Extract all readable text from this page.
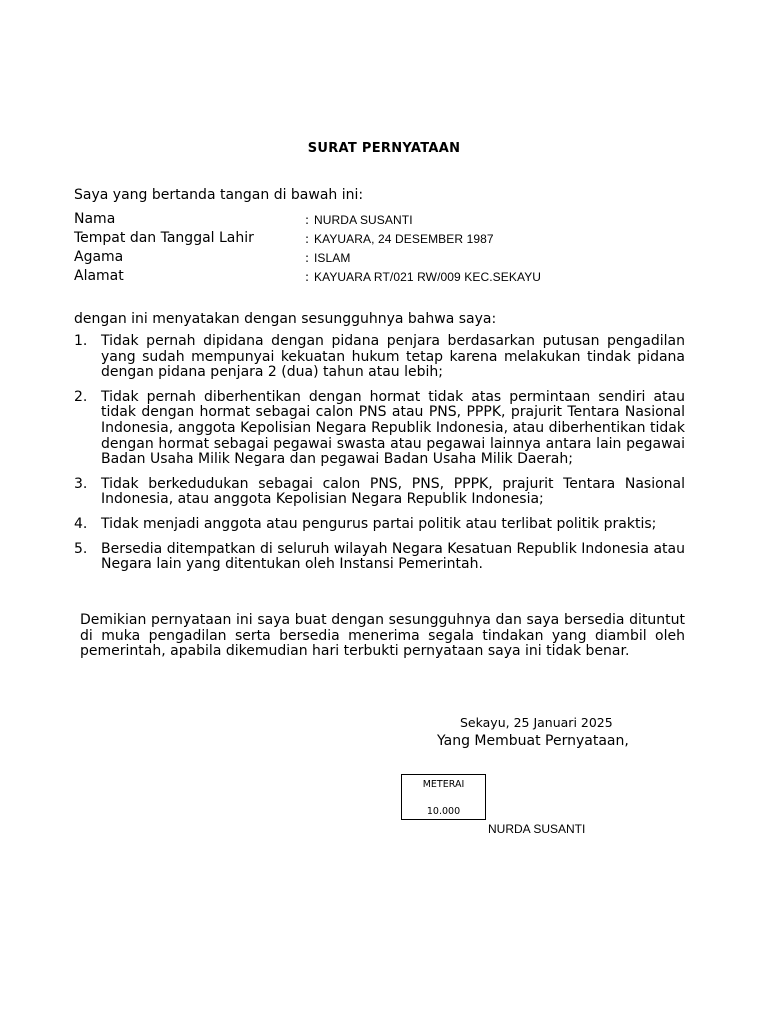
SURAT PERNYATAAN
Saya yang bertanda tangan di bawah ini:
Nama	: NURDA SUSANTI
Tempat dan Tanggal Lahir	: KAYUARA, 24 DESEMBER 1987
Agama	: ISLAM
Alamat	: KAYUARA RT/021 RW/009 KEC.SEKAYU
dengan ini menyatakan dengan sesungguhnya bahwa saya:
1. Tidak pernah dipidana dengan pidana penjara berdasarkan putusan pengadilan yang sudah mempunyai kekuatan hukum tetap karena melakukan tindak pidana dengan pidana penjara 2 (dua) tahun atau lebih;
2. Tidak pernah diberhentikan dengan hormat tidak atas permintaan sendiri atau tidak dengan hormat sebagai calon PNS atau PNS, PPPK, prajurit Tentara Nasional Indonesia, anggota Kepolisian Negara Republik Indonesia, atau diberhentikan tidak dengan hormat sebagai pegawai swasta atau pegawai lainnya antara lain pegawai Badan Usaha Milik Negara dan pegawai Badan Usaha Milik Daerah;
3. Tidak berkedudukan sebagai calon PNS, PNS, PPPK, prajurit Tentara Nasional Indonesia, atau anggota Kepolisian Negara Republik Indonesia;
4. Tidak menjadi anggota atau pengurus partai politik atau terlibat politik praktis;
5. Bersedia ditempatkan di seluruh wilayah Negara Kesatuan Republik Indonesia atau Negara lain yang ditentukan oleh Instansi Pemerintah.
Demikian pernyataan ini saya buat dengan sesungguhnya dan saya bersedia dituntut di muka pengadilan serta bersedia menerima segala tindakan yang diambil oleh pemerintah, apabila dikemudian hari terbukti pernyataan saya ini tidak benar.
Sekayu, 25 Januari 2025
Yang Membuat Pernyataan,
METERAI
10.000
NURDA SUSANTI
